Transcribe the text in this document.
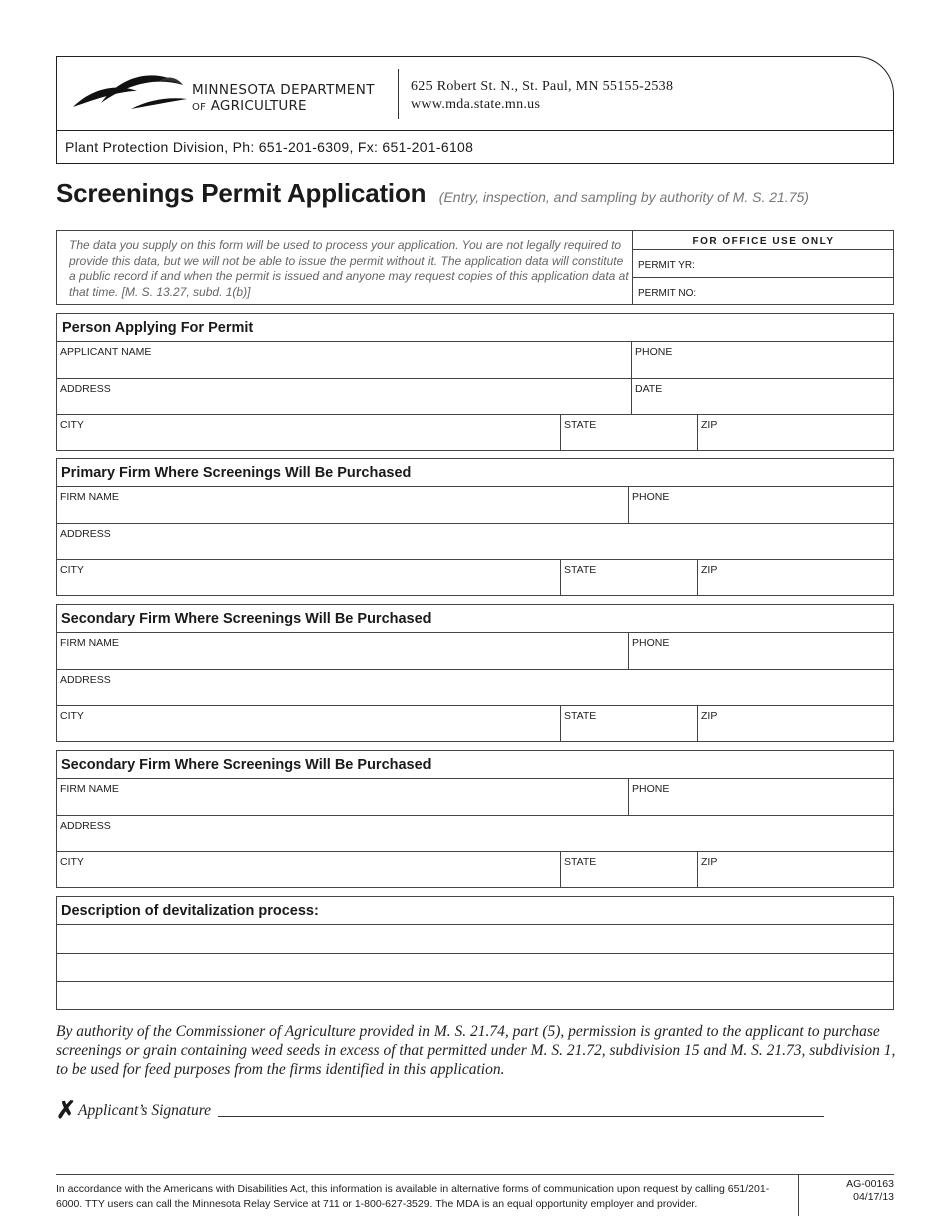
MINNESOTA DEPARTMENT
OF AGRICULTURE
625 Robert St. N., St. Paul, MN 55155-2538
www.mda.state.mn.us
Plant Protection Division, Ph: 651-201-6309, Fx: 651-201-6108
Screenings Permit Application (Entry, inspection, and sampling by authority of M. S. 21.75)
The data you supply on this form will be used to process your application. You are not legally required to provide this data, but we will not be able to issue the permit without it. The application data will constitute a public record if and when the permit is issued and anyone may request copies of this application data at that time. [M. S. 13.27, subd. 1(b)]
FOR OFFICE USE ONLY
PERMIT YR:
PERMIT NO:
Person Applying For Permit
APPLICANT NAME	PHONE
ADDRESS	DATE
CITY	STATE	ZIP
Primary Firm Where Screenings Will Be Purchased
FIRM NAME	PHONE
ADDRESS
CITY	STATE	ZIP
Secondary Firm Where Screenings Will Be Purchased
FIRM NAME	PHONE
ADDRESS
CITY	STATE	ZIP
Secondary Firm Where Screenings Will Be Purchased
FIRM NAME	PHONE
ADDRESS
CITY	STATE	ZIP
Description of devitalization process:
By authority of the Commissioner of Agriculture provided in M. S. 21.74, part (5), permission is granted to the applicant to purchase screenings or grain containing weed seeds in excess of that permitted under M. S. 21.72, subdivision 15 and M. S. 21.73, subdivision 1, to be used for feed purposes from the firms identified in this application.
✗ Applicant’s Signature
In accordance with the Americans with Disabilities Act, this information is available in alternative forms of communication upon request by calling 651/201-6000. TTY users can call the Minnesota Relay Service at 711 or 1-800-627-3529. The MDA is an equal opportunity employer and provider.
AG-00163
04/17/13
